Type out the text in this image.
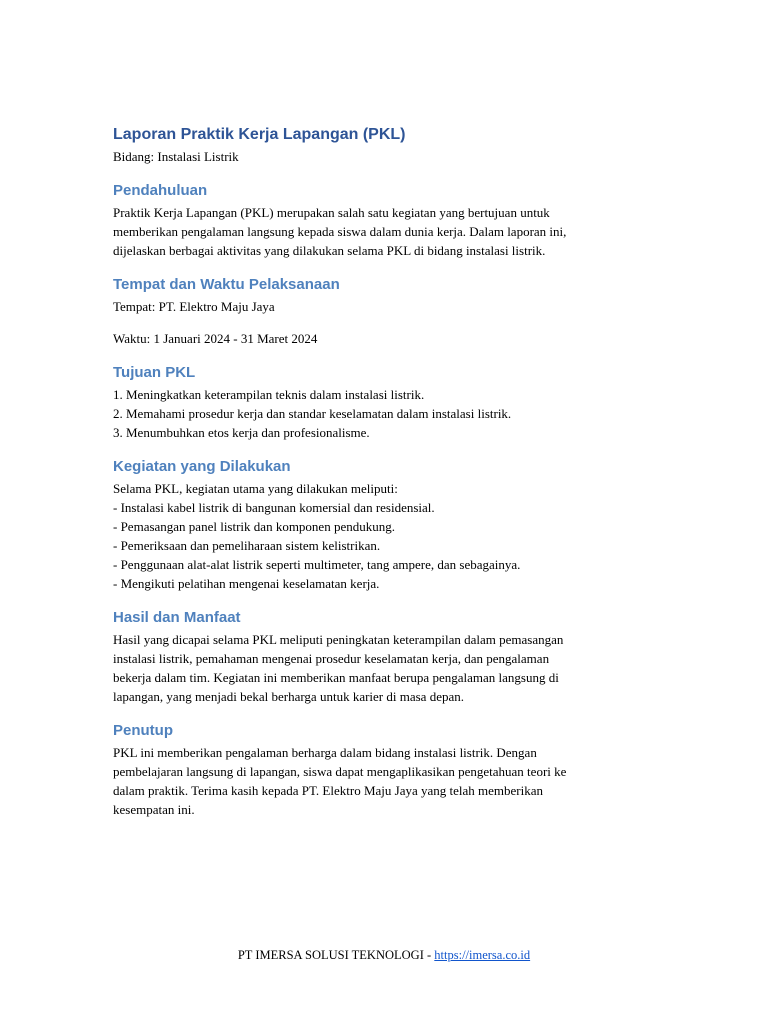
Laporan Praktik Kerja Lapangan (PKL)
Bidang: Instalasi Listrik
Pendahuluan
Praktik Kerja Lapangan (PKL) merupakan salah satu kegiatan yang bertujuan untuk
memberikan pengalaman langsung kepada siswa dalam dunia kerja. Dalam laporan ini,
dijelaskan berbagai aktivitas yang dilakukan selama PKL di bidang instalasi listrik.
Tempat dan Waktu Pelaksanaan
Tempat: PT. Elektro Maju Jaya
Waktu: 1 Januari 2024 - 31 Maret 2024
Tujuan PKL
1. Meningkatkan keterampilan teknis dalam instalasi listrik.
2. Memahami prosedur kerja dan standar keselamatan dalam instalasi listrik.
3. Menumbuhkan etos kerja dan profesionalisme.
Kegiatan yang Dilakukan
Selama PKL, kegiatan utama yang dilakukan meliputi:
- Instalasi kabel listrik di bangunan komersial dan residensial.
- Pemasangan panel listrik dan komponen pendukung.
- Pemeriksaan dan pemeliharaan sistem kelistrikan.
- Penggunaan alat-alat listrik seperti multimeter, tang ampere, dan sebagainya.
- Mengikuti pelatihan mengenai keselamatan kerja.
Hasil dan Manfaat
Hasil yang dicapai selama PKL meliputi peningkatan keterampilan dalam pemasangan
instalasi listrik, pemahaman mengenai prosedur keselamatan kerja, dan pengalaman
bekerja dalam tim. Kegiatan ini memberikan manfaat berupa pengalaman langsung di
lapangan, yang menjadi bekal berharga untuk karier di masa depan.
Penutup
PKL ini memberikan pengalaman berharga dalam bidang instalasi listrik. Dengan
pembelajaran langsung di lapangan, siswa dapat mengaplikasikan pengetahuan teori ke
dalam praktik. Terima kasih kepada PT. Elektro Maju Jaya yang telah memberikan
kesempatan ini.
PT IMERSA SOLUSI TEKNOLOGI - https://imersa.co.id
